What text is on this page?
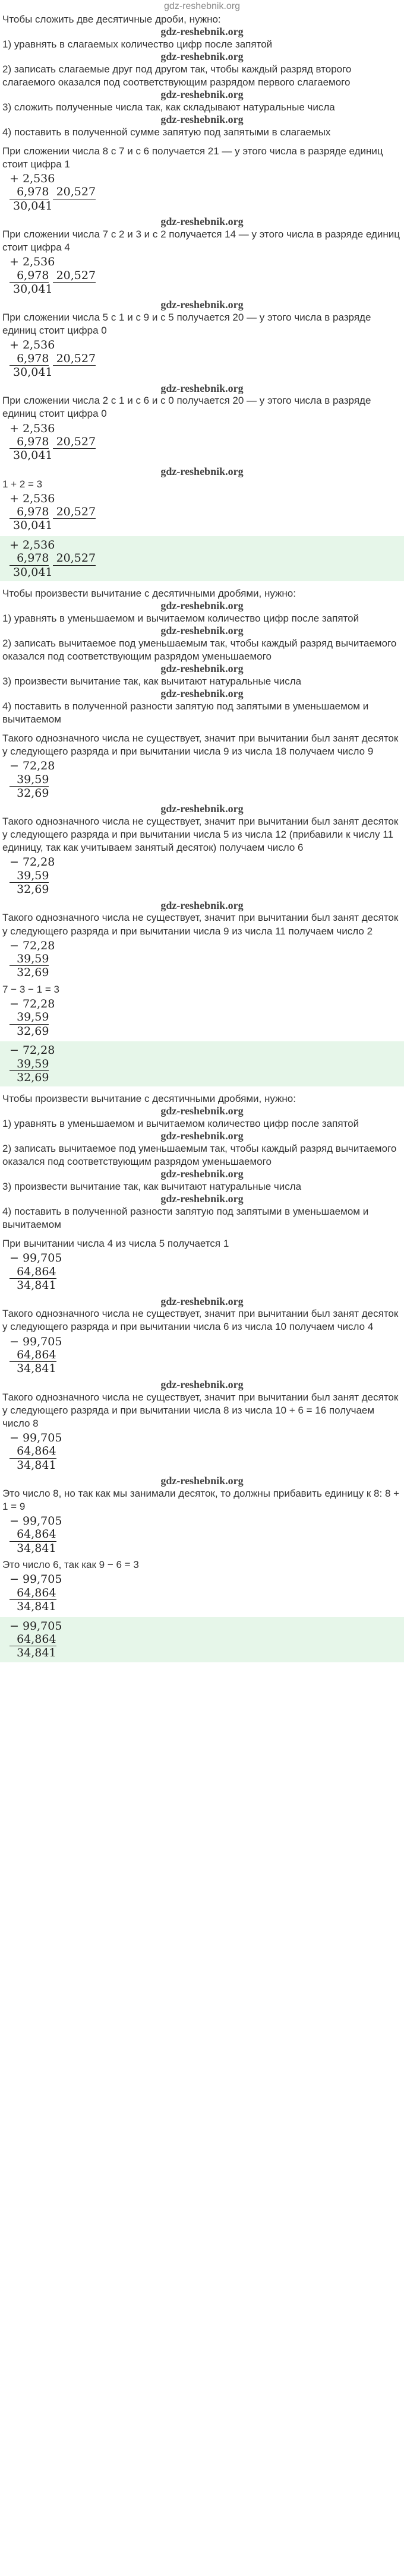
gdz-reshebnik.org

Чтобы сложить две десятичные дроби, нужно:

gdz-reshebnik.org

1) уравнять в слагаемых количество цифр после запятой

gdz-reshebnik.org

2) записать слагаемые друг под другом так, чтобы каждый разряд второго слагаемого оказался под соответствующим разрядом первого слагаемого

gdz-reshebnik.org

3) сложить полученные числа так, как складывают натуральные числа

gdz-reshebnik.org

4) поставить в полученной сумме запятую под запятыми в слагаемых

При сложении числа 8 с 7 и с 6 получается 21 — у этого числа в разряде единиц стоит цифра 1

+ 2,536
6,978  20,527
30,041
gdz-reshebnik.org

При сложении числа 7 с 2 и 3 и с 2 получается 14 — у этого числа в разряде единиц стоит цифра 4

+ 2,536
6,978  20,527
30,041
gdz-reshebnik.org

При сложении числа 5 с 1 и с 9 и с 5 получается 20 — у этого числа в разряде единиц стоит цифра 0

+ 2,536
6,978  20,527
30,041
gdz-reshebnik.org

При сложении числа 2 с 1 и с 6 и с 0 получается 20 — у этого числа в разряде единиц стоит цифра 0

+ 2,536
6,978  20,527
30,041
gdz-reshebnik.org

1 + 2 = 3

+ 2,536
6,978  20,527
30,041
+ 2,536
6,978  20,527
30,041

Чтобы произвести вычитание с десятичными дробями, нужно:

gdz-reshebnik.org

1) уравнять в уменьшаемом и вычитаемом количество цифр после запятой

gdz-reshebnik.org

2) записать вычитаемое под уменьшаемым так, чтобы каждый разряд вычитаемого оказался под соответствующим разрядом уменьшаемого

gdz-reshebnik.org

3) произвести вычитание так, как вычитают натуральные числа

gdz-reshebnik.org

4) поставить в полученной разности запятую под запятыми в уменьшаемом и вычитаемом

Такого однозначного числа не существует, значит при вычитании был занят десяток у следующего разряда и при вычитании числа 9 из числа 18 получаем число 9

− 72,28
39,59
32,69
gdz-reshebnik.org

Такого однозначного числа не существует, значит при вычитании был занят десяток у следующего разряда и при вычитании числа 5 из числа 12 (прибавили к числу 11 единицу, так как учитываем занятый десяток) получаем число 6

− 72,28
39,59
32,69
gdz-reshebnik.org

Такого однозначного числа не существует, значит при вычитании был занят десяток у следующего разряда и при вычитании числа 9 из числа 11 получаем число 2

− 72,28
39,59
32,69

7 − 3 − 1 = 3

− 72,28
39,59
32,69
− 72,28
39,59
32,69

Чтобы произвести вычитание с десятичными дробями, нужно:

gdz-reshebnik.org

1) уравнять в уменьшаемом и вычитаемом количество цифр после запятой

gdz-reshebnik.org

2) записать вычитаемое под уменьшаемым так, чтобы каждый разряд вычитаемого оказался под соответствующим разрядом уменьшаемого

gdz-reshebnik.org

3) произвести вычитание так, как вычитают натуральные числа

gdz-reshebnik.org

4) поставить в полученной разности запятую под запятыми в уменьшаемом и вычитаемом

При вычитании числа 4 из числа 5 получается 1

− 99,705
64,864
34,841
gdz-reshebnik.org

Такого однозначного числа не существует, значит при вычитании был занят десяток у следующего разряда и при вычитании числа 6 из числа 10 получаем число 4

− 99,705
64,864
34,841
gdz-reshebnik.org

Такого однозначного числа не существует, значит при вычитании был занят десяток у следующего разряда и при вычитании числа 8 из числа 10 + 6 = 16 получаем число 8

− 99,705
64,864
34,841
gdz-reshebnik.org

Это число 8, но так как мы занимали десяток, то должны прибавить единицу к 8: 8 + 1 = 9

− 99,705
64,864
34,841

Это число 6, так как 9 − 6 = 3

− 99,705
64,864
34,841
− 99,705
64,864
34,841
